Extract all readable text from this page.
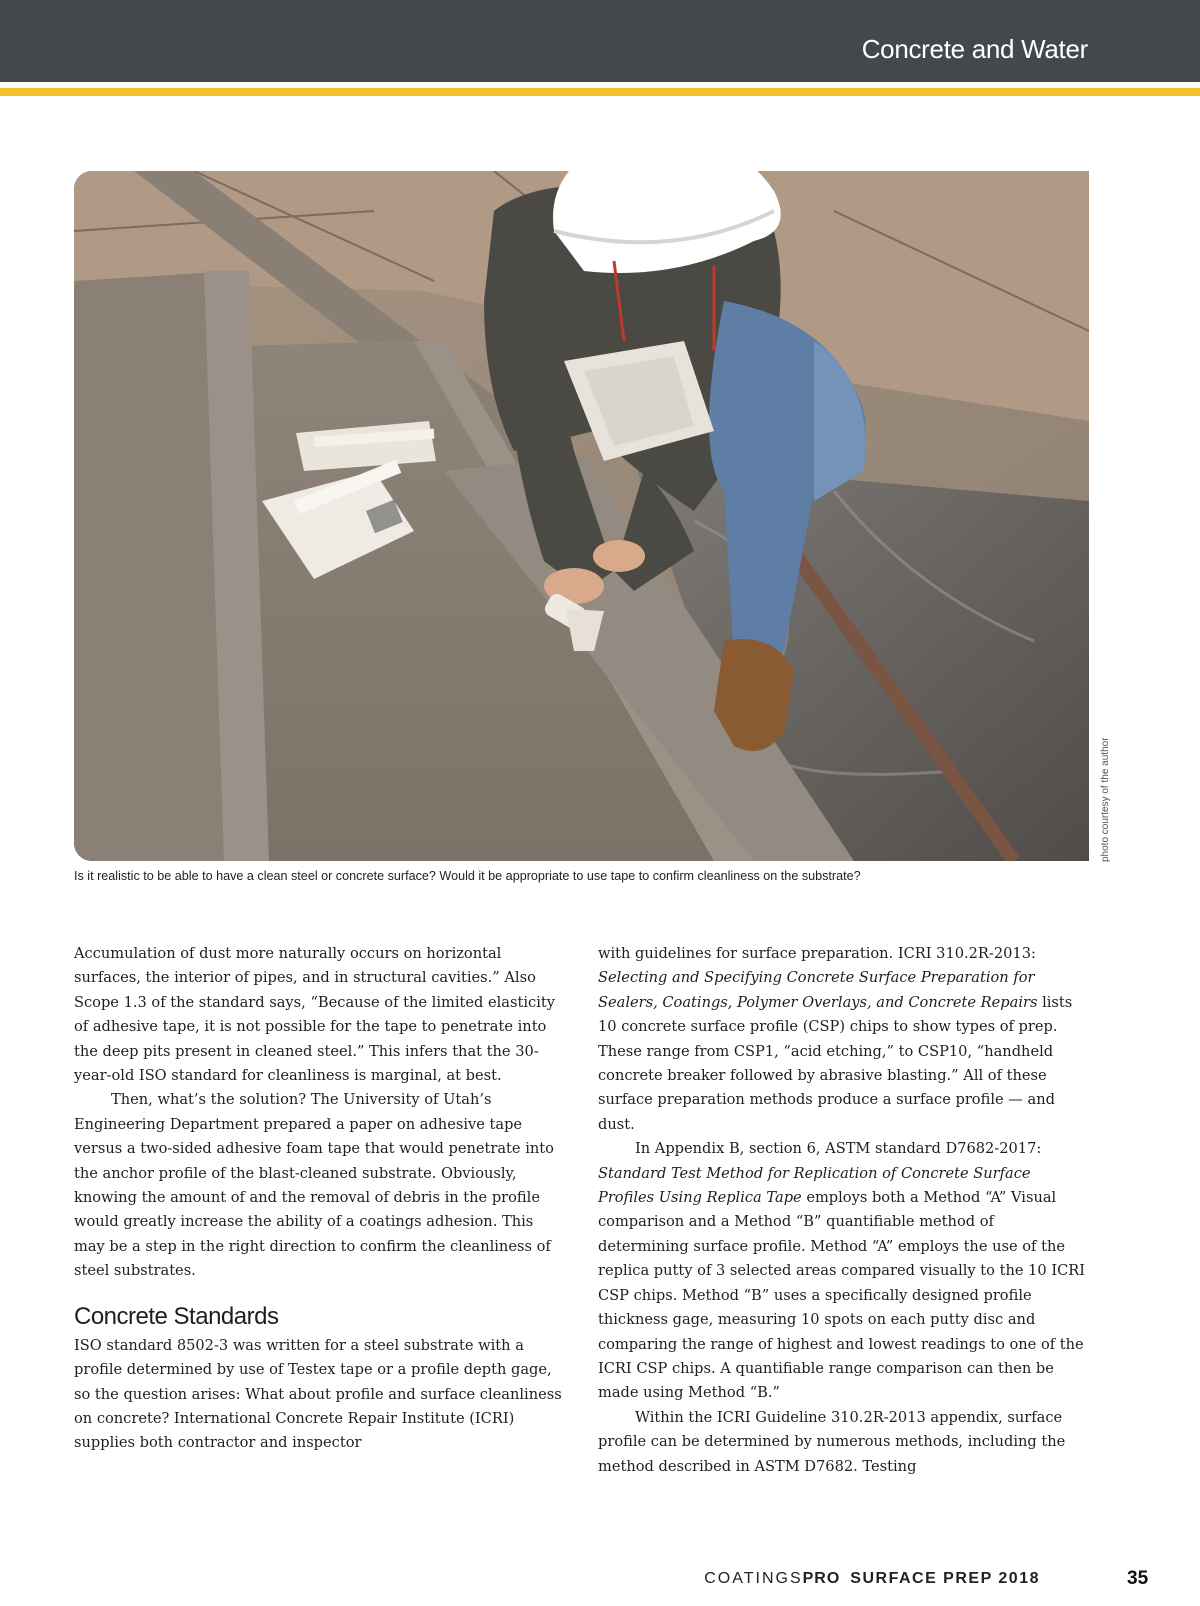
Concrete and Water
photo courtesy of the author
Is it realistic to be able to have a clean steel or concrete surface? Would it be appropriate to use tape to confirm cleanliness on the substrate?

Accumulation of dust more naturally occurs on horizontal surfaces, the interior of pipes, and in structural cavities.” Also Scope 1.3 of the standard says, “Because of the limited elasticity of adhesive tape, it is not possible for the tape to penetrate into the deep pits present in cleaned steel.” This infers that the 30-year-old ISO standard for cleanliness is marginal, at best.

Then, what’s the solution? The University of Utah’s Engineering Department prepared a paper on adhesive tape versus a two-sided adhesive foam tape that would penetrate into the anchor profile of the blast-cleaned substrate. Obviously, knowing the amount of and the removal of debris in the profile would greatly increase the ability of a coatings adhesion. This may be a step in the right direction to confirm the cleanliness of steel substrates.

Concrete Standards

ISO standard 8502-3 was written for a steel substrate with a profile determined by use of Testex tape or a profile depth gage, so the question arises: What about profile and surface cleanliness on concrete? International Concrete Repair Institute (ICRI) supplies both contractor and inspector

with guidelines for surface preparation. ICRI 310.2R-2013: Selecting and Specifying Concrete Surface Preparation for Sealers, Coatings, Polymer Overlays, and Concrete Repairs lists 10 concrete surface profile (CSP) chips to show types of prep. These range from CSP1, “acid etching,” to CSP10, “handheld concrete breaker followed by abrasive blasting.” All of these surface preparation methods produce a surface profile — and dust.

In Appendix B, section 6, ASTM standard D7682-2017: Standard Test Method for Replication of Concrete Surface Profiles Using Replica Tape employs both a Method “A” Visual comparison and a Method “B” quantifiable method of determining surface profile. Method “A” employs the use of the replica putty of 3 selected areas compared visually to the 10 ICRI CSP chips. Method “B” uses a specifically designed profile thickness gage, measuring 10 spots on each putty disc and comparing the range of highest and lowest readings to one of the ICRI CSP chips. A quantifiable range comparison can then be made using Method “B.”

Within the ICRI Guideline 310.2R-2013 appendix, surface profile can be determined by numerous methods, including the method described in ASTM D7682. Testing

COATINGSPRO SURFACE PREP 2018	35
